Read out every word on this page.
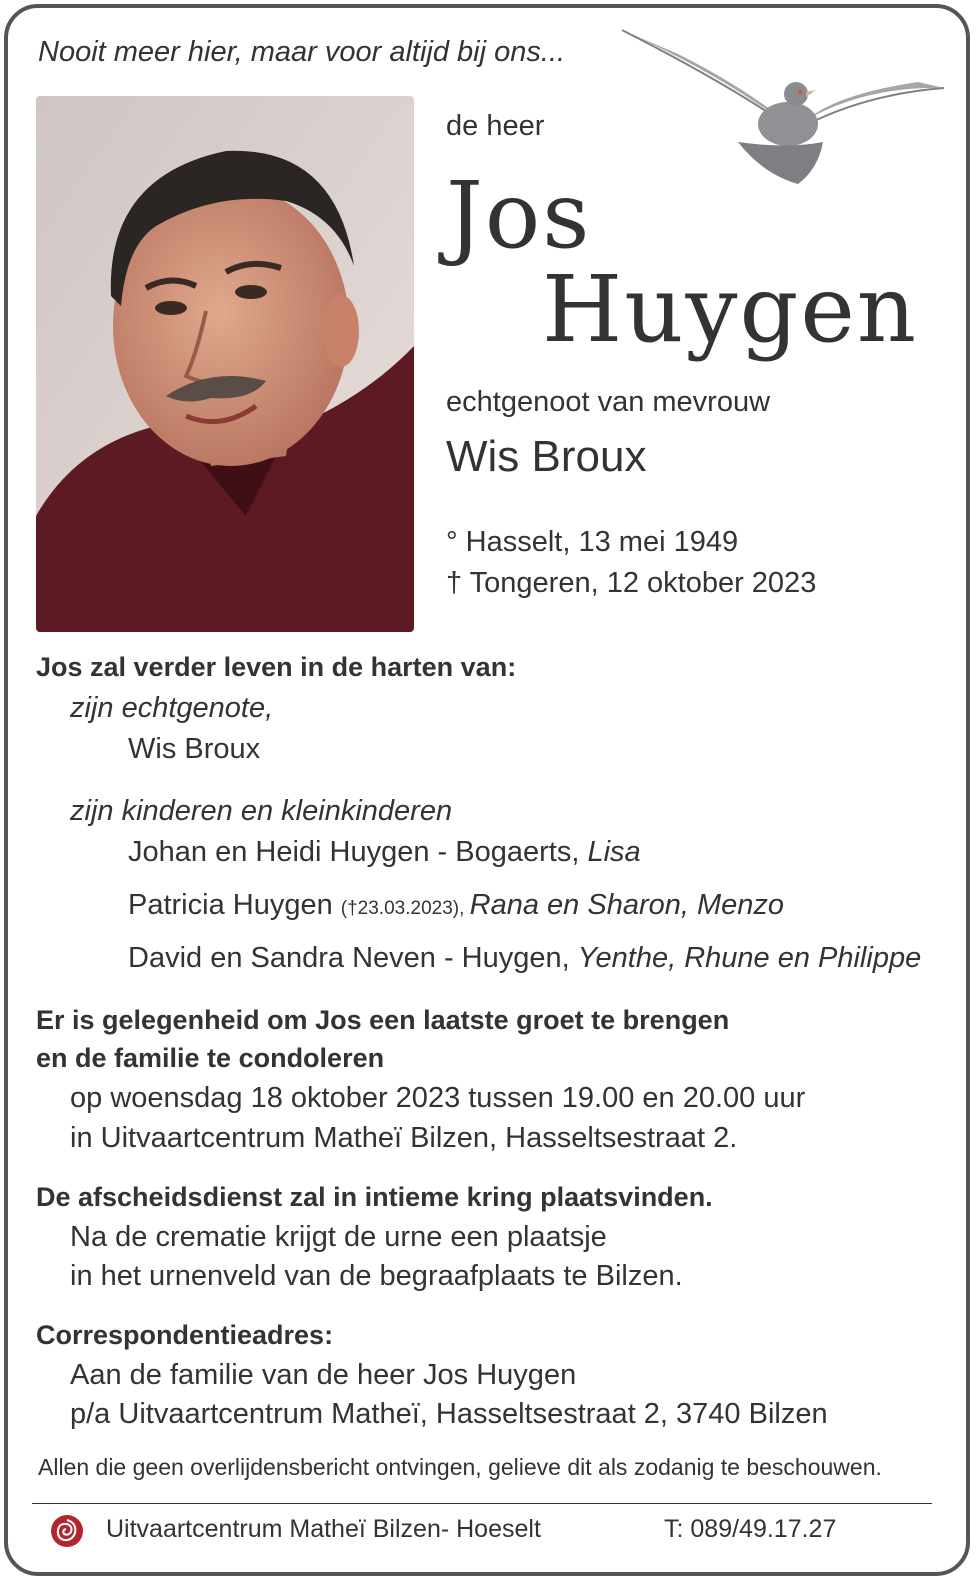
Nooit meer hier, maar voor altijd bij ons...
de heer
Jos
Huygen
echtgenoot van mevrouw
Wis Broux
° Hasselt, 13 mei 1949
† Tongeren, 12 oktober 2023
Jos zal verder leven in de harten van:
zijn echtgenote,
Wis Broux
zijn kinderen en kleinkinderen
Johan en Heidi Huygen - Bogaerts, Lisa
Patricia Huygen (†23.03.2023), Rana en Sharon, Menzo
David en Sandra Neven - Huygen, Yenthe, Rhune en Philippe
Er is gelegenheid om Jos een laatste groet te brengen
en de familie te condoleren
op woensdag 18 oktober 2023 tussen 19.00 en 20.00 uur
in Uitvaartcentrum Matheï Bilzen, Hasseltsestraat 2.
De afscheidsdienst zal in intieme kring plaatsvinden.
Na de crematie krijgt de urne een plaatsje
in het urnenveld van de begraafplaats te Bilzen.
Correspondentieadres:
Aan de familie van de heer Jos Huygen
p/a Uitvaartcentrum Matheï, Hasseltsestraat 2, 3740 Bilzen
Allen die geen overlijdensbericht ontvingen, gelieve dit als zodanig te beschouwen.
Uitvaartcentrum Matheï Bilzen- Hoeselt	T: 089/49.17.27
